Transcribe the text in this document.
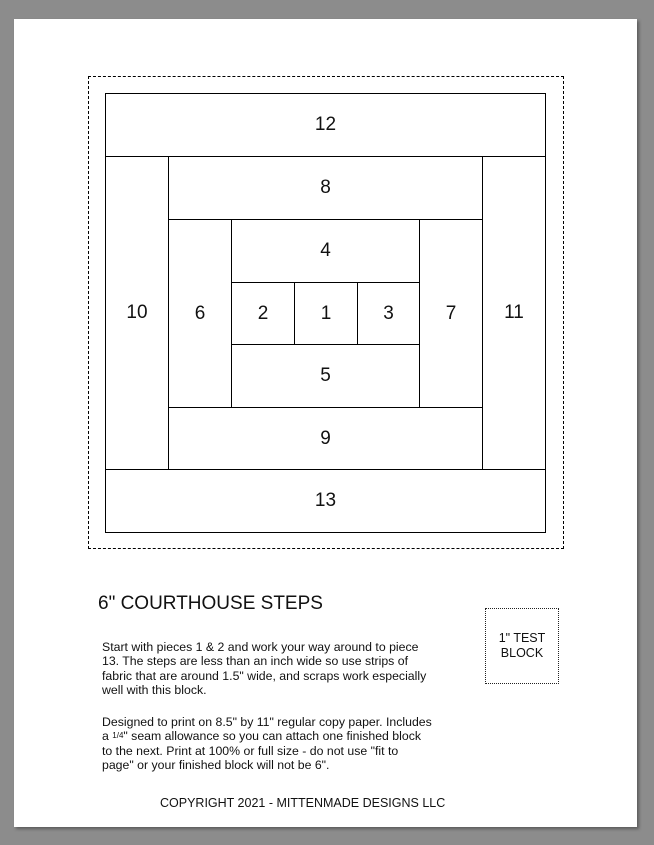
12
13
10	11
8
9
6	7
4
5
2	1	3
6" COURTHOUSE STEPS

Start with pieces 1 & 2 and work your way around to piece 13. The steps are less than an inch wide so use strips of fabric that are around 1.5" wide, and scraps work especially well with this block.

Designed to print on 8.5" by 11" regular copy paper. Includes a $^{1/4}$" seam allowance so you can attach one finished block to the next. Print at 100% or full size - do not use "fit to page" or your finished block will not be 6".

1" TEST
BLOCK
COPYRIGHT 2021 - MITTENMADE DESIGNS LLC
